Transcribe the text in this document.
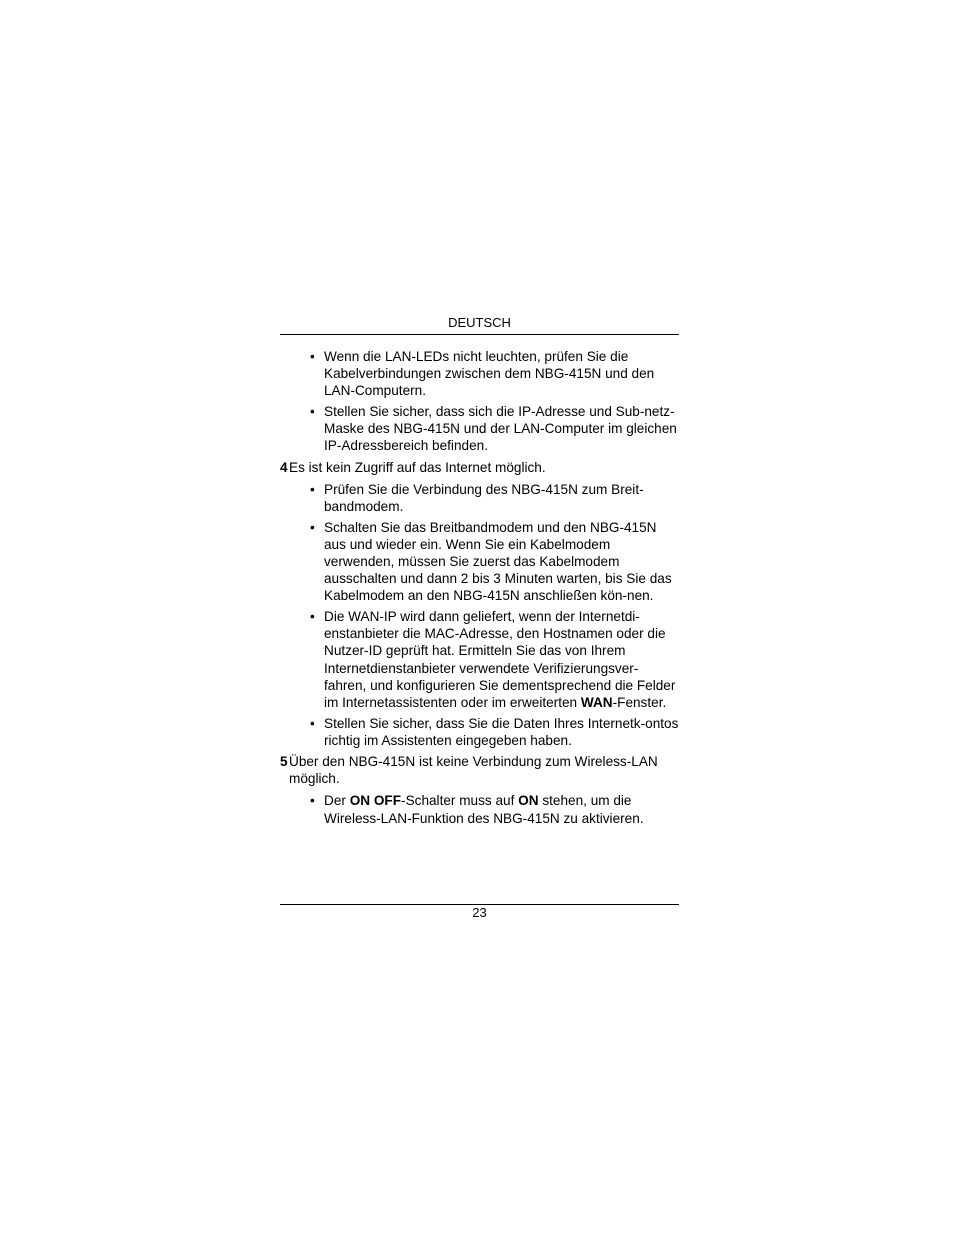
DEUTSCH
• Wenn die LAN-LEDs nicht leuchten, prüfen Sie die Kabelverbindungen zwischen dem NBG-415N und den LAN-Computern.
• Stellen Sie sicher, dass sich die IP-Adresse und Sub-netz-Maske des NBG-415N und der LAN-Computer im gleichen IP-Adressbereich befinden.
4 Es ist kein Zugriff auf das Internet möglich.
• Prüfen Sie die Verbindung des NBG-415N zum Breit-bandmodem.
• Schalten Sie das Breitbandmodem und den NBG-415N aus und wieder ein. Wenn Sie ein Kabelmodem verwenden, müssen Sie zuerst das Kabelmodem ausschalten und dann 2 bis 3 Minuten warten, bis Sie das Kabelmodem an den NBG-415N anschließen kön-nen.
• Die WAN-IP wird dann geliefert, wenn der Internetdi-enstanbieter die MAC-Adresse, den Hostnamen oder die Nutzer-ID geprüft hat. Ermitteln Sie das von Ihrem Internetdienstanbieter verwendete Verifizierungsver-fahren, und konfigurieren Sie dementsprechend die Felder im Internetassistenten oder im erweiterten WAN-Fenster.
• Stellen Sie sicher, dass Sie die Daten Ihres Internetk-ontos richtig im Assistenten eingegeben haben.
5 Über den NBG-415N ist keine Verbindung zum Wireless-LAN möglich.
• Der ON OFF-Schalter muss auf ON stehen, um die Wireless-LAN-Funktion des NBG-415N zu aktivieren.
23
